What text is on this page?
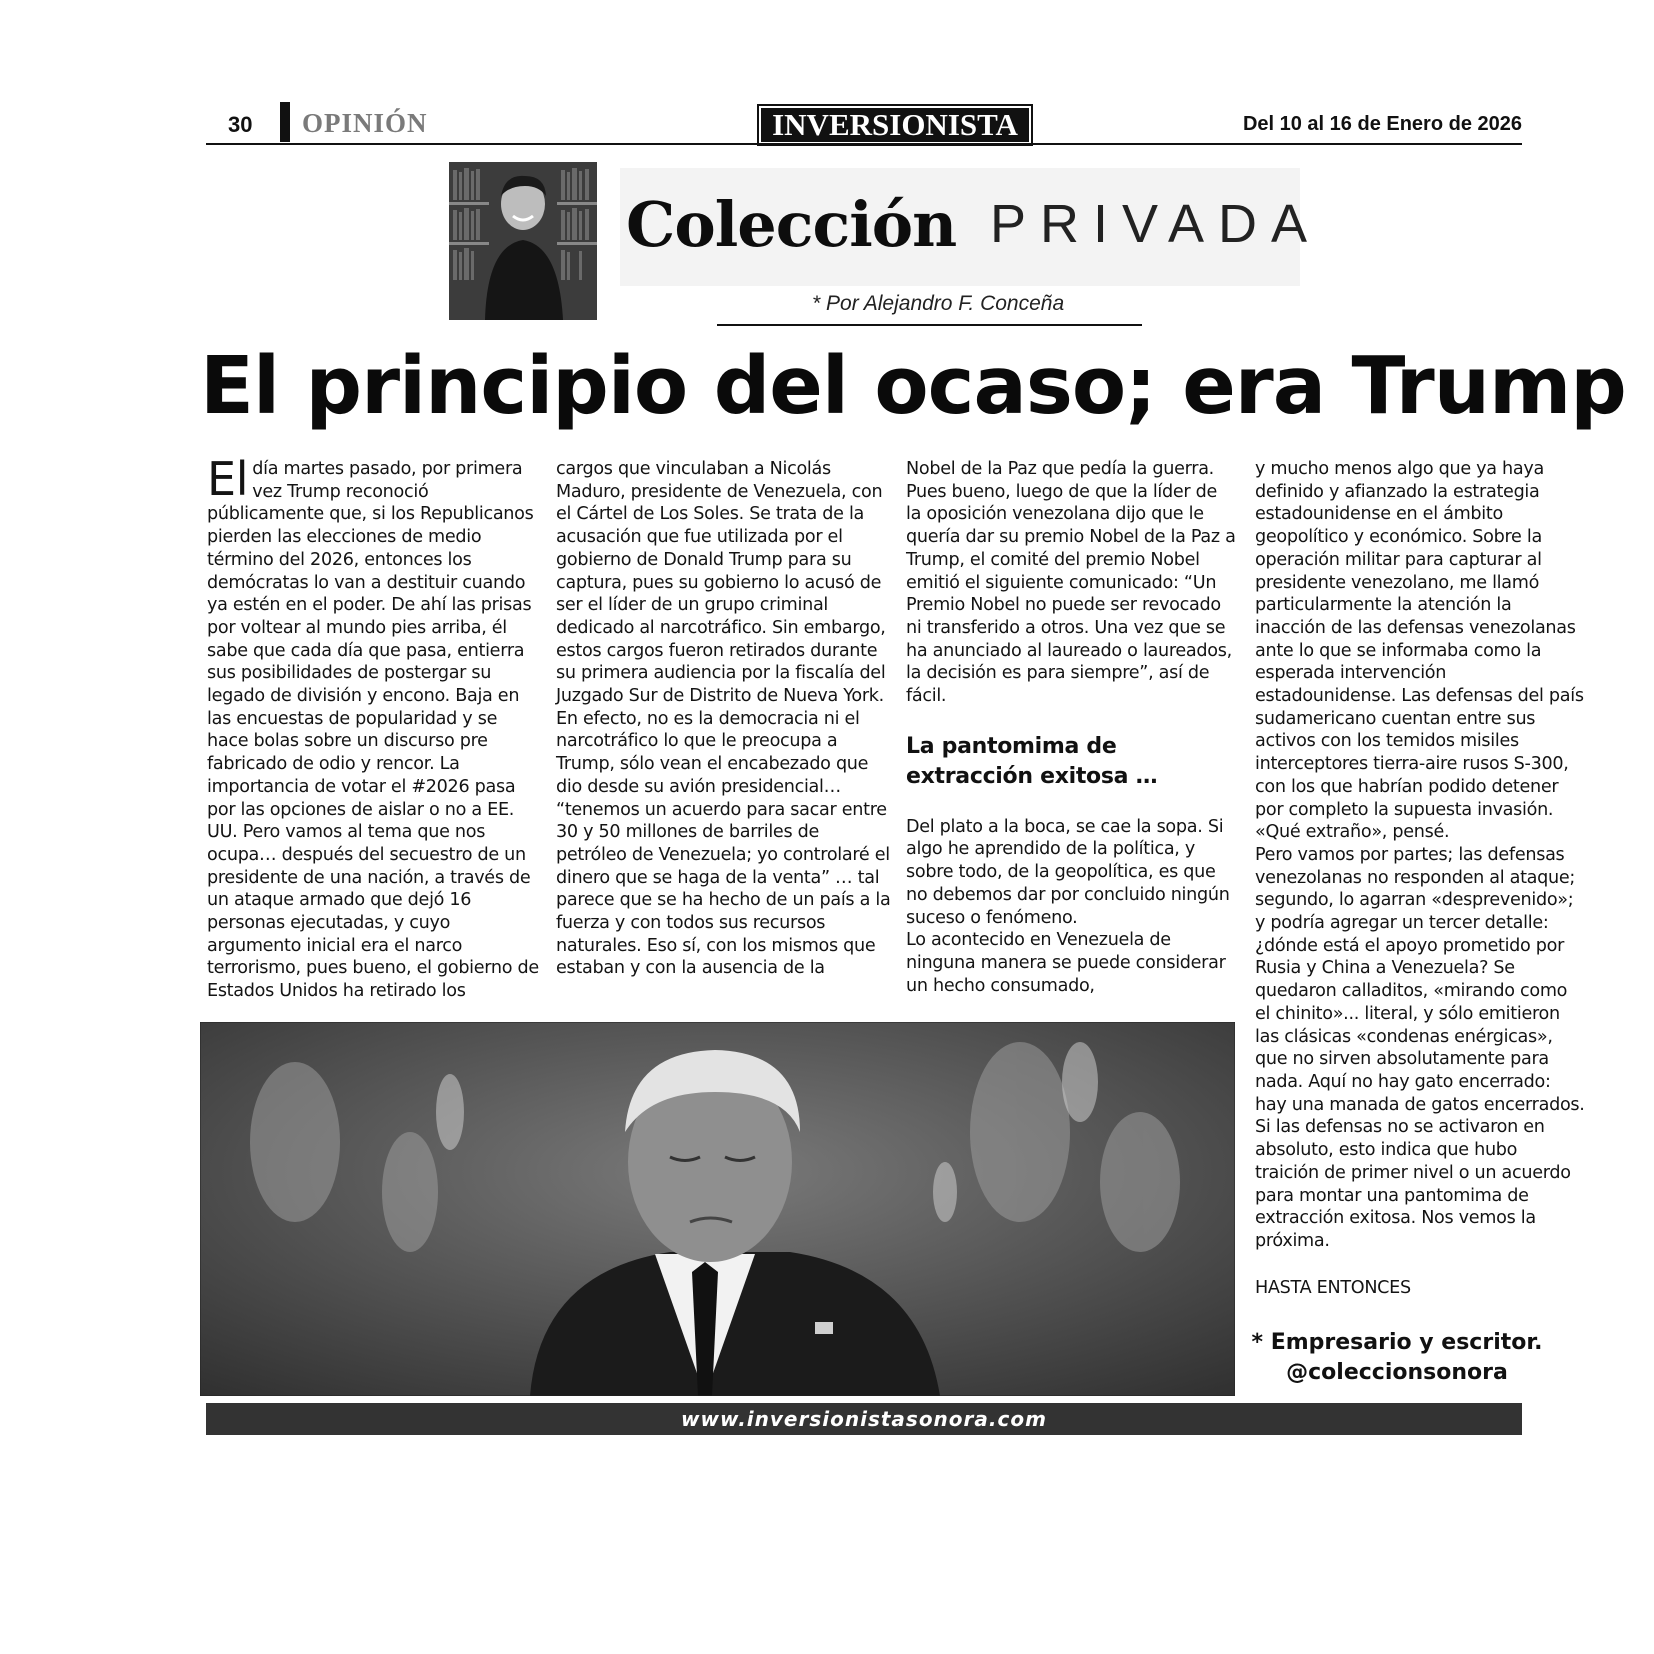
30 OPINIÓN	INVERSIONISTA	Del 10 al 16 de Enero de 2026
Colección PRIVADA
* Por Alejandro F. Conceña
El principio del ocaso; era Trump

El día martes pasado, por primera vez Trump reconoció públicamente que, si los Republicanos pierden las elecciones de medio término del 2026, entonces los demócratas lo van a destituir cuando ya estén en el poder. De ahí las prisas por voltear al mundo pies arriba, él sabe que cada día que pasa, entierra sus posibilidades de postergar su legado de división y encono. Baja en las encuestas de popularidad y se hace bolas sobre un discurso pre fabricado de odio y rencor. La importancia de votar el #2026 pasa por las opciones de aislar o no a EE. UU. Pero vamos al tema que nos ocupa… después del secuestro de un presidente de una nación, a través de un ataque armado que dejó 16 personas ejecutadas, y cuyo argumento inicial era el narco terrorismo, pues bueno, el gobierno de Estados Unidos ha retirado los

cargos que vinculaban a Nicolás Maduro, presidente de Venezuela, con el Cártel de Los Soles. Se trata de la acusación que fue utilizada por el gobierno de Donald Trump para su captura, pues su gobierno lo acusó de ser el líder de un grupo criminal dedicado al narcotráfico. Sin embargo, estos cargos fueron retirados durante su primera audiencia por la fiscalía del Juzgado Sur de Distrito de Nueva York.

En efecto, no es la democracia ni el narcotráfico lo que le preocupa a Trump, sólo vean el encabezado que dio desde su avión presidencial… “tenemos un acuerdo para sacar entre 30 y 50 millones de barriles de petróleo de Venezuela; yo controlaré el dinero que se haga de la venta” … tal parece que se ha hecho de un país a la fuerza y con todos sus recursos naturales. Eso sí, con los mismos que estaban y con la ausencia de la

Nobel de la Paz que pedía la guerra. Pues bueno, luego de que la líder de la oposición venezolana dijo que le quería dar su premio Nobel de la Paz a Trump, el comité del premio Nobel emitió el siguiente comunicado: “Un Premio Nobel no puede ser revocado ni transferido a otros. Una vez que se ha anunciado al laureado o laureados, la decisión es para siempre”, así de fácil.

La pantomima de extracción exitosa …

Del plato a la boca, se cae la sopa. Si algo he aprendido de la política, y sobre todo, de la geopolítica, es que no debemos dar por concluido ningún suceso o fenómeno.

Lo acontecido en Venezuela de ninguna manera se puede considerar un hecho consumado,

y mucho menos algo que ya haya definido y afianzado la estrategia estadounidense en el ámbito geopolítico y económico. Sobre la operación militar para capturar al presidente venezolano, me llamó particularmente la atención la inacción de las defensas venezolanas ante lo que se informaba como la esperada intervención estadounidense. Las defensas del país sudamericano cuentan entre sus activos con los temidos misiles interceptores tierra-aire rusos S-300, con los que habrían podido detener por completo la supuesta invasión. «Qué extraño», pensé.

Pero vamos por partes; las defensas venezolanas no responden al ataque; segundo, lo agarran «desprevenido»; y podría agregar un tercer detalle: ¿dónde está el apoyo prometido por Rusia y China a Venezuela? Se quedaron calladitos, «mirando como el chinito»... literal, y sólo emitieron las clásicas «condenas enérgicas», que no sirven absolutamente para nada. Aquí no hay gato encerrado: hay una manada de gatos encerrados. Si las defensas no se activaron en absoluto, esto indica que hubo traición de primer nivel o un acuerdo para montar una pantomima de extracción exitosa. Nos vemos la próxima.

HASTA ENTONCES

* Empresario y escritor.
@coleccionsonora
www.inversionistasonora.com
